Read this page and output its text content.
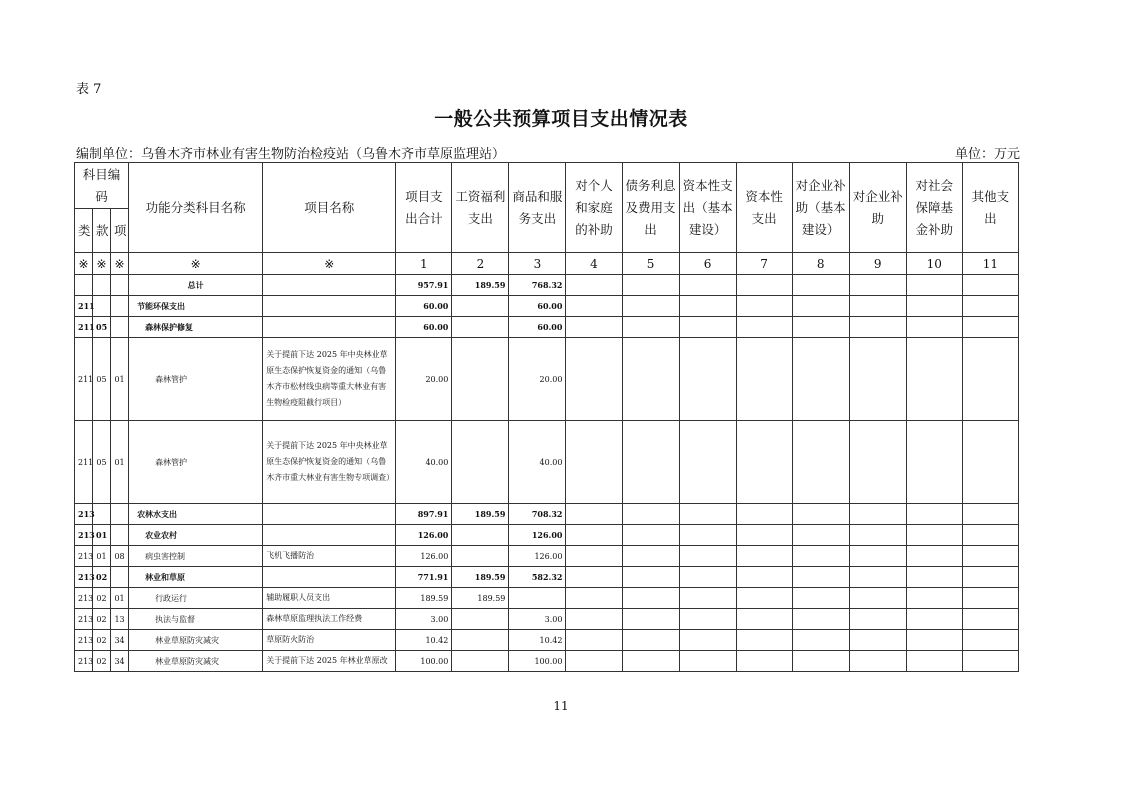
表 7
一般公共预算项目支出情况表
编制单位：乌鲁木齐市林业有害生物防治检疫站（乌鲁木齐市草原监理站）	单位：万元
科目编码			功能分类科目名称	项目名称	项目支出合计	工资福利支出	商品和服务支出	对个人和家庭的补助	债务利息及费用支出	资本性支出（基本建设）	资本性支出	对企业补助（基本建设）	对企业补助	对社会保障基金补助	其他支出
类	款	项													
※	※	※	※	※	1	2	3	4	5	6	7	8	9	10	11
			总计		957.91	189.59	768.32								
211			节能环保支出		60.00		60.00								
211	05		森林保护修复		60.00		60.00								
211	05	01	森林管护	关于提前下达 2025 年中央林业草原生态保护恢复资金的通知（乌鲁木齐市松材线虫病等重大林业有害生物检疫阻截行项目）	20.00		20.00								
211	05	01	森林管护	关于提前下达 2025 年中央林业草原生态保护恢复资金的通知（乌鲁木齐市重大林业有害生物专项调查）	40.00		40.00								
213			农林水支出		897.91	189.59	708.32								
213	01		农业农村		126.00		126.00								
213	01	08	病虫害控制	飞机飞播防治	126.00		126.00								
213	02		林业和草原		771.91	189.59	582.32								
213	02	01	行政运行	辅助履职人员支出	189.59	189.59									
213	02	13	执法与监督	森林草原监理执法工作经费	3.00		3.00								
213	02	34	林业草原防灾减灾	草原防火防治	10.42		10.42								
213	02	34	林业草原防灾减灾	关于提前下达 2025 年林业草原改	100.00		100.00								
11
